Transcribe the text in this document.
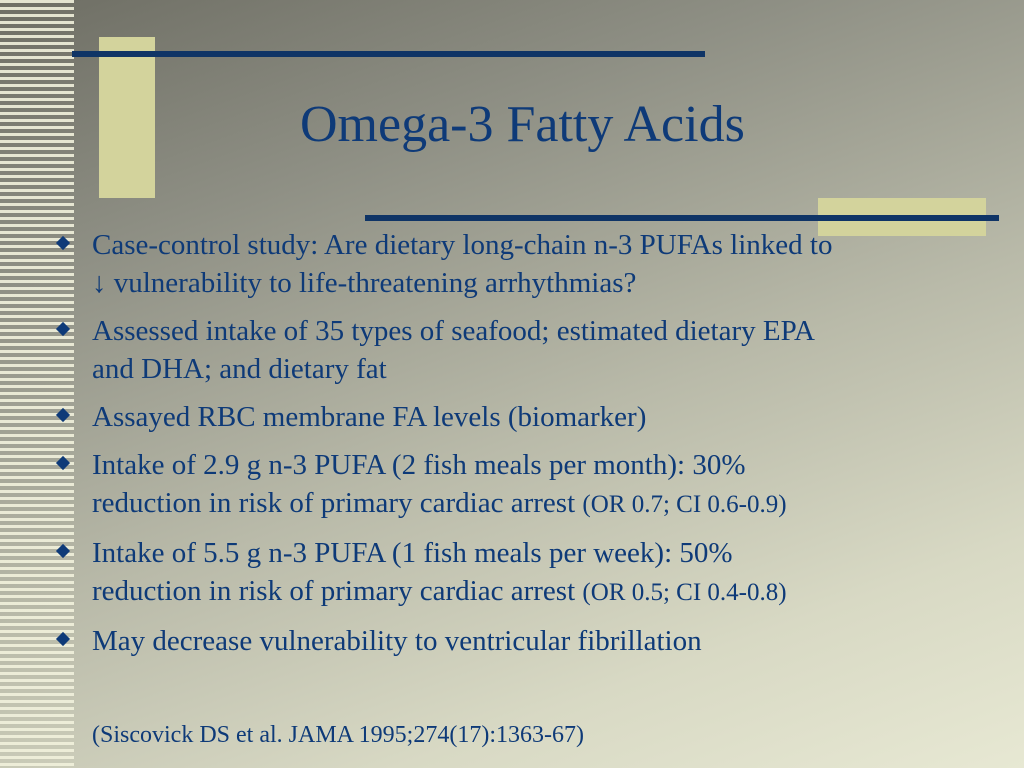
Omega-3 Fatty Acids
Case-control study: Are dietary long-chain n-3 PUFAs linked to
↓ vulnerability to life-threatening arrhythmias?
Assessed intake of 35 types of seafood; estimated dietary EPA
and DHA; and dietary fat
Assayed RBC membrane FA levels (biomarker)
Intake of 2.9 g n-3 PUFA (2 fish meals per month): 30%
reduction in risk of primary cardiac arrest (OR 0.7; CI 0.6-0.9)
Intake of 5.5 g n-3 PUFA (1 fish meals per week): 50%
reduction in risk of primary cardiac arrest (OR 0.5; CI 0.4-0.8)
May decrease vulnerability to ventricular fibrillation
(Siscovick DS et al. JAMA 1995;274(17):1363-67)
